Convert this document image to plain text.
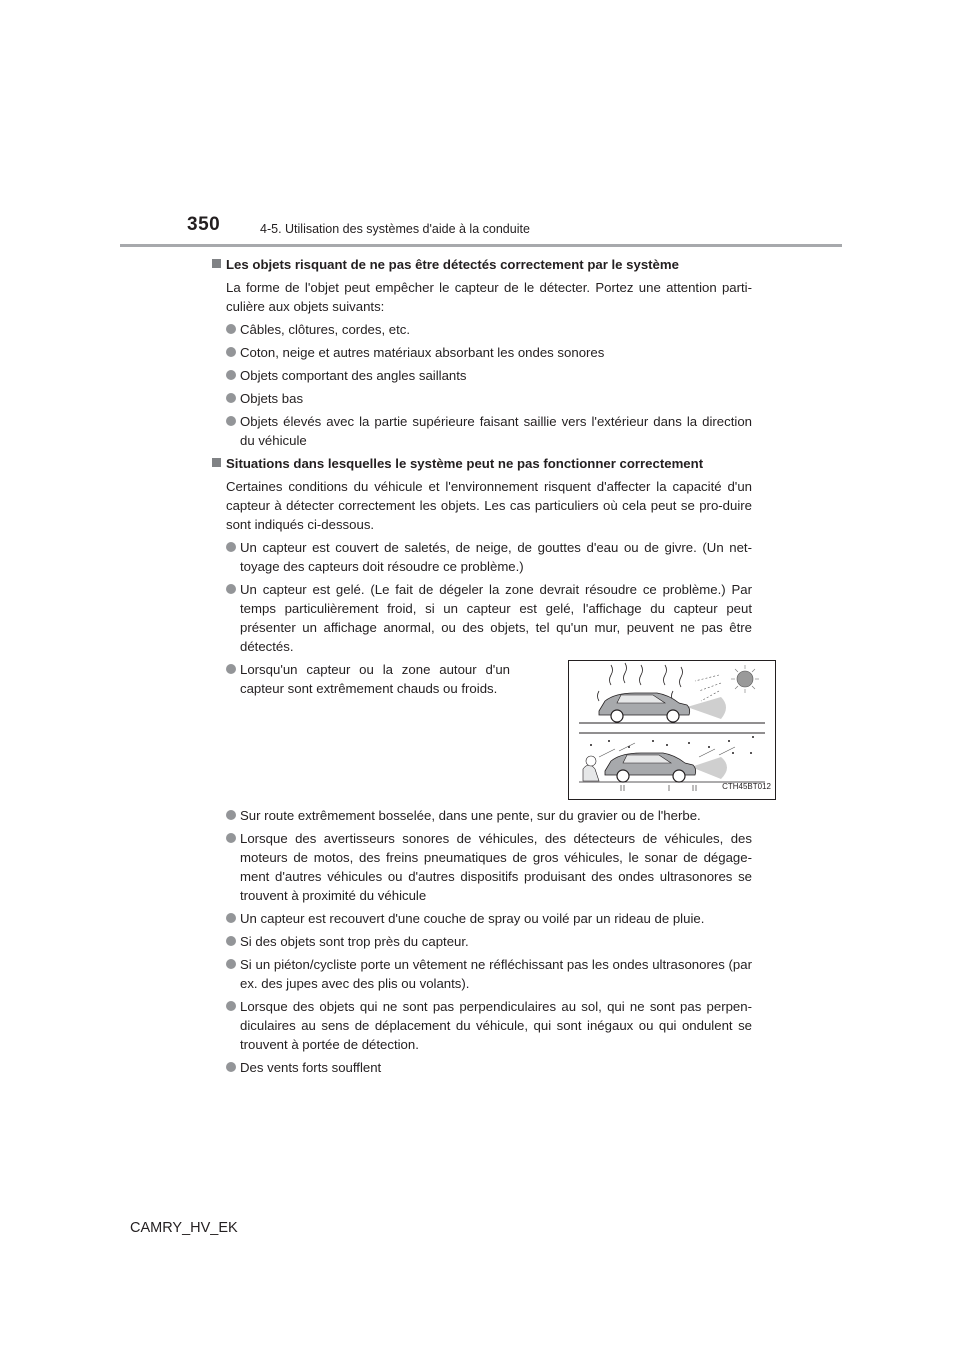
350	4-5. Utilisation des systèmes d'aide à la conduite
Les objets risquant de ne pas être détectés correctement par le système
La forme de l'objet peut empêcher le capteur de le détecter. Portez une attention parti-culière aux objets suivants:
Câbles, clôtures, cordes, etc.
Coton, neige et autres matériaux absorbant les ondes sonores
Objets comportant des angles saillants
Objets bas
Objets élevés avec la partie supérieure faisant saillie vers l'extérieur dans la direction du véhicule
Situations dans lesquelles le système peut ne pas fonctionner correctement
Certaines conditions du véhicule et l'environnement risquent d'affecter la capacité d'un capteur à détecter correctement les objets. Les cas particuliers où cela peut se pro-duire sont indiqués ci-dessous.
Un capteur est couvert de saletés, de neige, de gouttes d'eau ou de givre. (Un net-toyage des capteurs doit résoudre ce problème.)
Un capteur est gelé. (Le fait de dégeler la zone devrait résoudre ce problème.) Par temps particulièrement froid, si un capteur est gelé, l'affichage du capteur peut présenter un affichage anormal, ou des objets, tel qu'un mur, peuvent ne pas être détectés.
Lorsqu'un capteur ou la zone autour d'un capteur sont extrêmement chauds ou froids.
CTH45BT012
Sur route extrêmement bosselée, dans une pente, sur du gravier ou de l'herbe.
Lorsque des avertisseurs sonores de véhicules, des détecteurs de véhicules, des moteurs de motos, des freins pneumatiques de gros véhicules, le sonar de dégage-ment d'autres véhicules ou d'autres dispositifs produisant des ondes ultrasonores se trouvent à proximité du véhicule
Un capteur est recouvert d'une couche de spray ou voilé par un rideau de pluie.
Si des objets sont trop près du capteur.
Si un piéton/cycliste porte un vêtement ne réfléchissant pas les ondes ultrasonores (par ex. des jupes avec des plis ou volants).
Lorsque des objets qui ne sont pas perpendiculaires au sol, qui ne sont pas perpen-diculaires au sens de déplacement du véhicule, qui sont inégaux ou qui ondulent se trouvent à portée de détection.
Des vents forts soufflent
CAMRY_HV_EK
